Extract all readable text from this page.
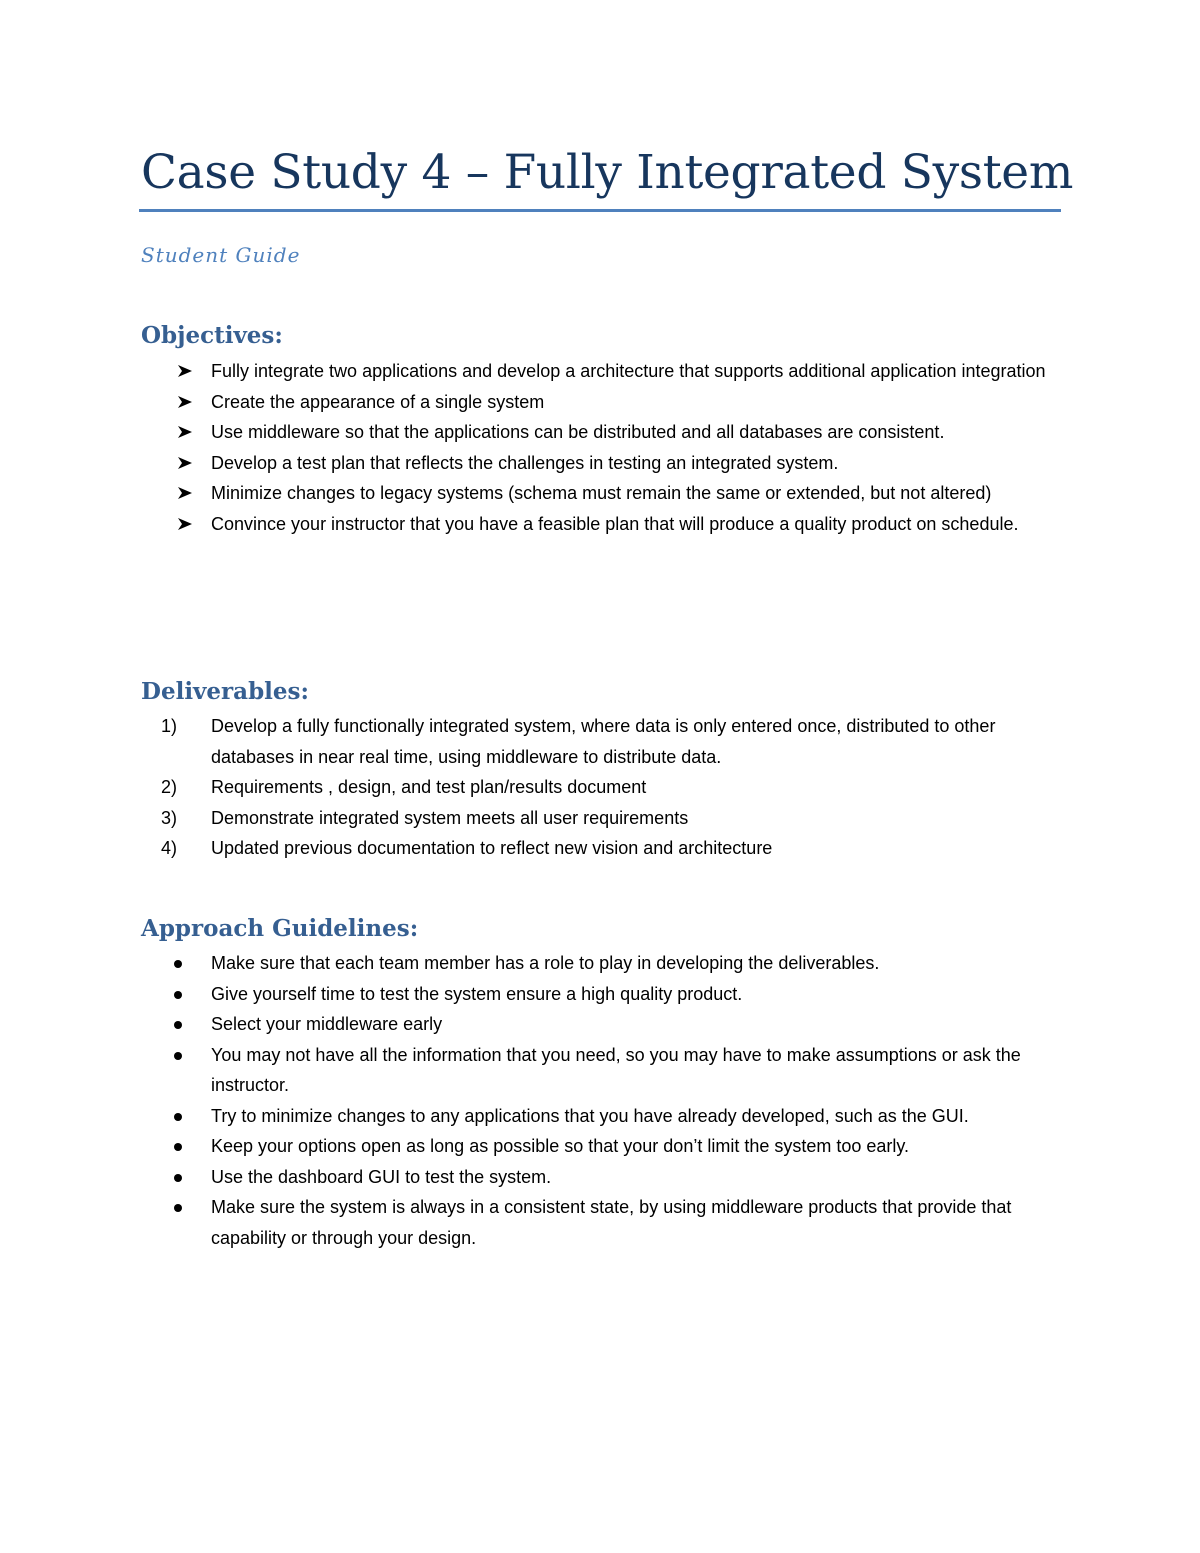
Case Study 4 – Fully Integrated System
Student Guide
Objectives:
Fully integrate two applications and develop a architecture that supports additional application integration
Create the appearance of a single system
Use middleware so that the applications can be distributed and all databases are consistent.
Develop a test plan that reflects the challenges in testing an integrated system.
Minimize changes to legacy systems (schema must remain the same or extended, but not altered)
Convince your instructor that you have a feasible plan that will produce a quality product on schedule.
Deliverables:
1)	Develop a fully functionally integrated system, where data is only entered once, distributed to other databases in near real time, using middleware to distribute data.
2)	Requirements , design, and test plan/results document
3)	Demonstrate integrated system meets all user requirements
4)	Updated previous documentation to reflect new vision and architecture
Approach Guidelines:
Make sure that each team member has a role to play in developing the deliverables.
Give yourself time to test the system ensure a high quality product.
Select your middleware early
You may not have all the information that you need, so you may have to make assumptions or ask the instructor.
Try to minimize changes to any applications that you have already developed, such as the GUI.
Keep your options open as long as possible so that your don’t limit the system too early.
Use the dashboard GUI to test the system.
Make sure the system is always in a consistent state, by using middleware products that provide that capability or through your design.
